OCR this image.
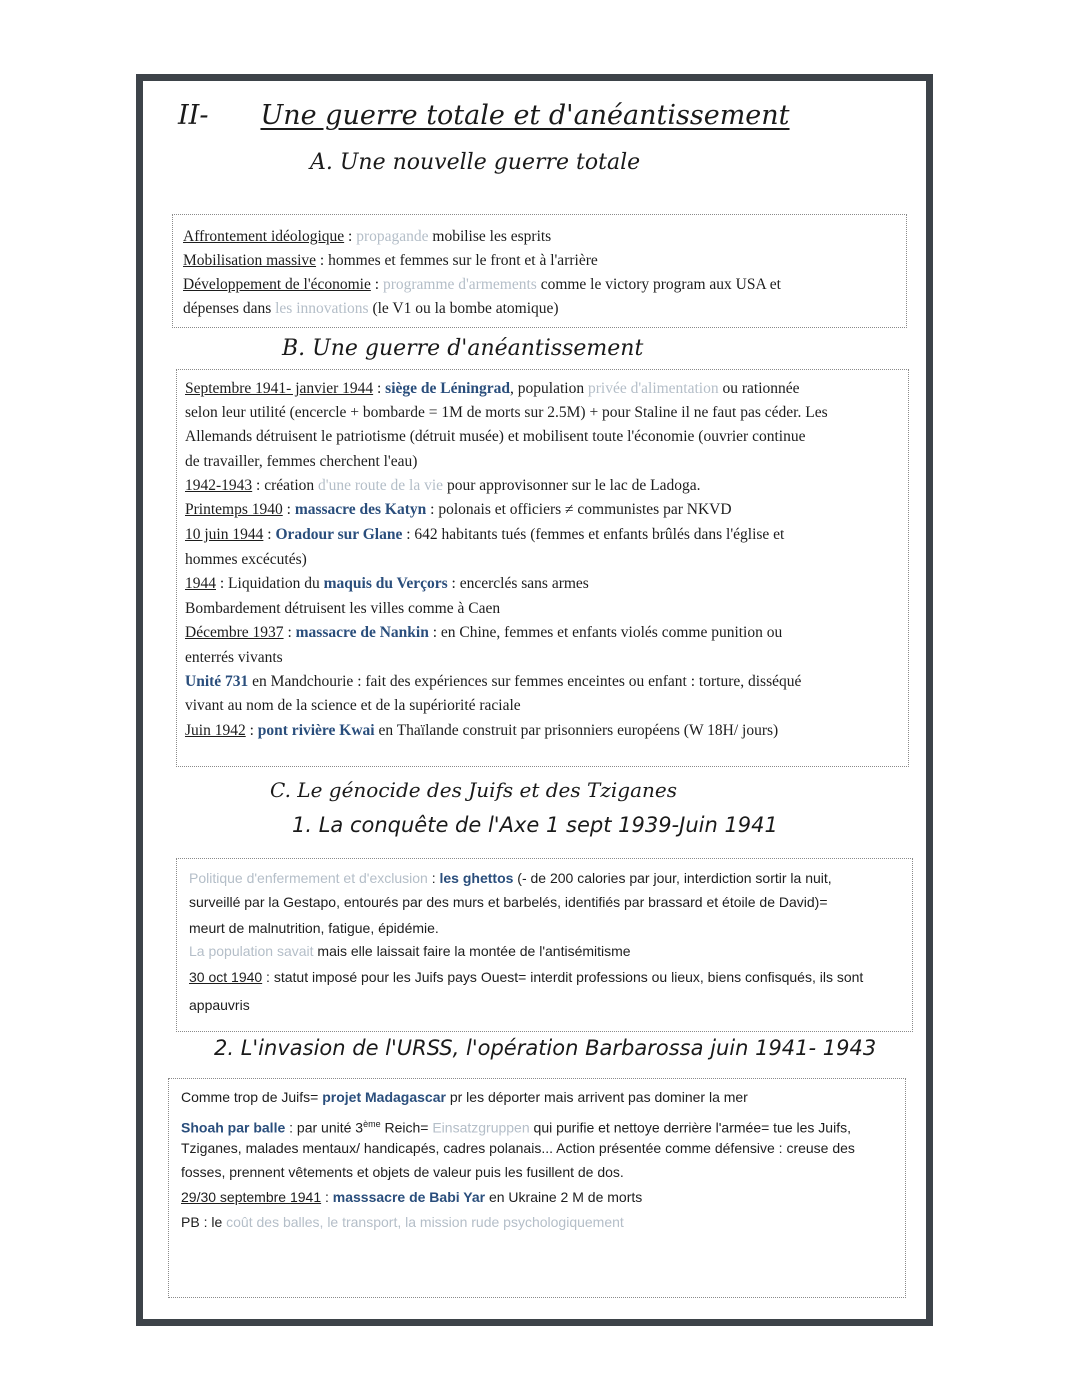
II- Une guerre totale et d'anéantissement
A. Une nouvelle guerre totale
Affrontement idéologique : propagande mobilise les esprits
Mobilisation massive : hommes et femmes sur le front et à l'arrière
Développement de l'économie : programme d'armements comme le victory program aux USA et
dépenses dans les innovations (le V1 ou la bombe atomique)
B. Une guerre d'anéantissement
Septembre 1941- janvier 1944 : siège de Léningrad, population privée d'alimentation ou rationnée
selon leur utilité (encercle + bombarde = 1M de morts sur 2.5M) + pour Staline il ne faut pas céder. Les
Allemands détruisent le patriotisme (détruit musée) et mobilisent toute l'économie (ouvrier continue
de travailler, femmes cherchent l'eau)
1942-1943 : création d'une route de la vie pour approvisonner sur le lac de Ladoga.
Printemps 1940 : massacre des Katyn : polonais et officiers ≠ communistes par NKVD
10 juin 1944 : Oradour sur Glane : 642 habitants tués (femmes et enfants brûlés dans l'église et
hommes excécutés)
1944 : Liquidation du maquis du Verçors : encerclés sans armes
Bombardement détruisent les villes comme à Caen
Décembre 1937 : massacre de Nankin : en Chine, femmes et enfants violés comme punition ou
enterrés vivants
Unité 731 en Mandchourie : fait des expériences sur femmes enceintes ou enfant : torture, disséqué
vivant au nom de la science et de la supériorité raciale
Juin 1942 : pont rivière Kwai en Thaïlande construit par prisonniers européens (W 18H/ jours)
C. Le génocide des Juifs et des Tziganes
1. La conquête de l'Axe 1 sept 1939-Juin 1941
Politique d'enfermement et d'exclusion : les ghettos (- de 200 calories par jour, interdiction sortir la nuit,
surveillé par la Gestapo, entourés par des murs et barbelés, identifiés par brassard et étoile de David)=
meurt de malnutrition, fatigue, épidémie.
La population savait mais elle laissait faire la montée de l'antisémitisme
30 oct 1940 : statut imposé pour les Juifs pays Ouest= interdit professions ou lieux, biens confisqués, ils sont
appauvris
2. L'invasion de l'URSS, l'opération Barbarossa juin 1941- 1943
Comme trop de Juifs= projet Madagascar pr les déporter mais arrivent pas dominer la mer
Shoah par balle : par unité 3ème Reich= Einsatzgruppen qui purifie et nettoye derrière l'armée= tue les Juifs,
Tziganes, malades mentaux/ handicapés, cadres polanais... Action présentée comme défensive : creuse des
fosses, prennent vêtements et objets de valeur puis les fusillent de dos.
29/30 septembre 1941 : masssacre de Babi Yar en Ukraine 2 M de morts
PB : le coût des balles, le transport, la mission rude psychologiquement
